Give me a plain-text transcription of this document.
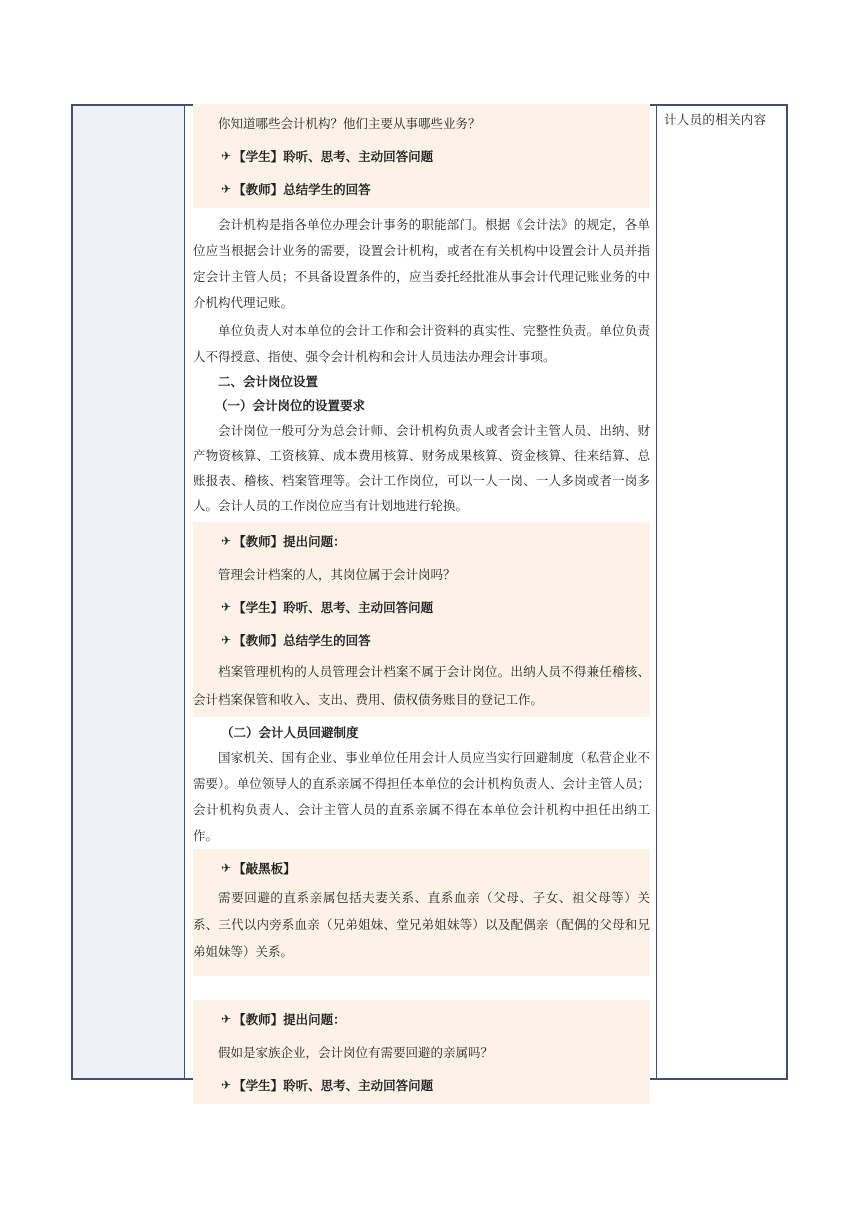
你知道哪些会计机构？他们主要从事哪些业务？
✈ 【学生】聆听、思考、主动回答问题
✈ 【教师】总结学生的回答
会计机构是指各单位办理会计事务的职能部门。根据《会计法》的规定，各单位应当根据会计业务的需要，设置会计机构，或者在有关机构中设置会计人员并指定会计主管人员；不具备设置条件的，应当委托经批准从事会计代理记账业务的中介机构代理记账。
单位负责人对本单位的会计工作和会计资料的真实性、完整性负责。单位负责人不得授意、指使、强令会计机构和会计人员违法办理会计事项。
二、会计岗位设置
（一）会计岗位的设置要求
会计岗位一般可分为总会计师、会计机构负责人或者会计主管人员、出纳、财产物资核算、工资核算、成本费用核算、财务成果核算、资金核算、往来结算、总账报表、稽核、档案管理等。会计工作岗位，可以一人一岗、一人多岗或者一岗多人。会计人员的工作岗位应当有计划地进行轮换。
✈ 【教师】提出问题：
管理会计档案的人，其岗位属于会计岗吗？
✈ 【学生】聆听、思考、主动回答问题
✈ 【教师】总结学生的回答
档案管理机构的人员管理会计档案不属于会计岗位。出纳人员不得兼任稽核、会计档案保管和收入、支出、费用、债权债务账目的登记工作。
（二）会计人员回避制度
国家机关、国有企业、事业单位任用会计人员应当实行回避制度（私营企业不需要）。单位领导人的直系亲属不得担任本单位的会计机构负责人、会计主管人员；会计机构负责人、会计主管人员的直系亲属不得在本单位会计机构中担任出纳工作。
✈ 【敲黑板】
需要回避的直系亲属包括夫妻关系、直系血亲（父母、子女、祖父母等）关系、三代以内旁系血亲（兄弟姐妹、堂兄弟姐妹等）以及配偶亲（配偶的父母和兄弟姐妹等）关系。
✈ 【教师】提出问题：
假如是家族企业，会计岗位有需要回避的亲属吗？
✈ 【学生】聆听、思考、主动回答问题
计人员的相关内容
